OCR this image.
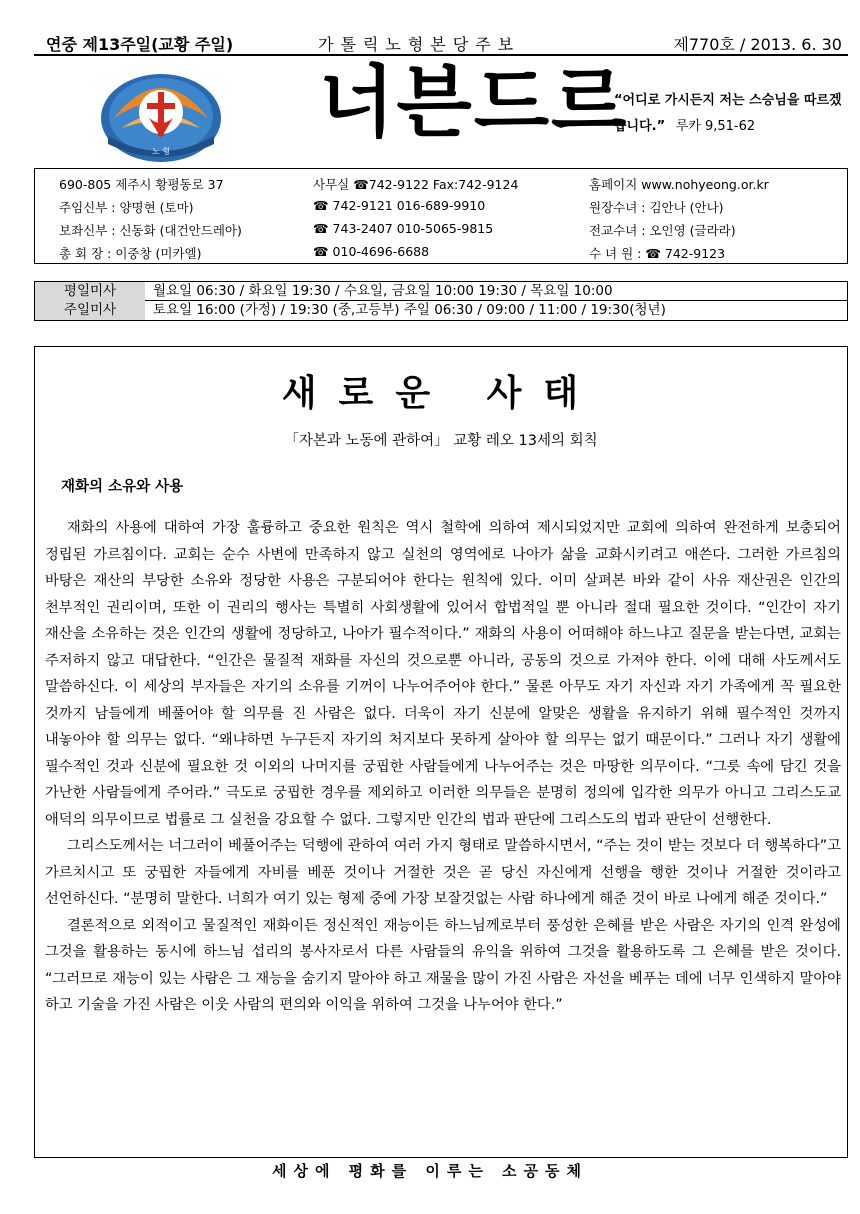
연중 제13주일(교황 주일)	가톨릭노형본당주보	제770호 / 2013. 6. 30
노 형
너븐드르
“어디로 가시든지 저는 스승님을 따르겠습니다.” 루카 9,51-62
690-805 제주시 황평동로 37	사무실 ☎742-9122 Fax:742-9124	홈페이지 www.nohyeong.or.kr
주임신부 : 양명현 (토마)	☎ 742-9121 016-689-9910	원장수녀 : 김안나 (안나)
보좌신부 : 신동화 (대건안드레아)	☎ 743-2407 010-5065-9815	전교수녀 : 오인영 (글라라)
총 회 장 : 이중창 (미카엘)	☎ 010-4696-6688	수 녀 원 : ☎ 742-9123
평일미사	월요일 06:30 / 화요일 19:30 / 수요일, 금요일 10:00 19:30 / 목요일 10:00
주일미사	토요일 16:00 (가정) / 19:30 (중,고등부) 주일 06:30 / 09:00 / 11:00 / 19:30(청년)
새로운 사태
「자본과 노동에 관하여」 교황 레오 13세의 회칙
재화의 소유와 사용

재화의 사용에 대하여 가장 훌륭하고 중요한 원칙은 역시 철학에 의하여 제시되었지만 교회에 의하여 완전하게 보충되어 정립된 가르침이다. 교회는 순수 사변에 만족하지 않고 실천의 영역에로 나아가 삶을 교화시키려고 애쓴다. 그러한 가르침의 바탕은 재산의 부당한 소유와 정당한 사용은 구분되어야 한다는 원칙에 있다. 이미 살펴본 바와 같이 사유 재산권은 인간의 천부적인 권리이며, 또한 이 권리의 행사는 특별히 사회생활에 있어서 합법적일 뿐 아니라 절대 필요한 것이다. “인간이 자기 재산을 소유하는 것은 인간의 생활에 정당하고, 나아가 필수적이다.” 재화의 사용이 어떠해야 하느냐고 질문을 받는다면, 교회는 주저하지 않고 대답한다. “인간은 물질적 재화를 자신의 것으로뿐 아니라, 공동의 것으로 가져야 한다. 이에 대해 사도께서도 말씀하신다. 이 세상의 부자들은 자기의 소유를 기꺼이 나누어주어야 한다.” 물론 아무도 자기 자신과 자기 가족에게 꼭 필요한 것까지 남들에게 베풀어야 할 의무를 진 사람은 없다. 더욱이 자기 신분에 알맞은 생활을 유지하기 위해 필수적인 것까지 내놓아야 할 의무는 없다. “왜냐하면 누구든지 자기의 처지보다 못하게 살아야 할 의무는 없기 때문이다.” 그러나 자기 생활에 필수적인 것과 신분에 필요한 것 이외의 나머지를 궁핍한 사람들에게 나누어주는 것은 마땅한 의무이다. “그릇 속에 담긴 것을 가난한 사람들에게 주어라.” 극도로 궁핍한 경우를 제외하고 이러한 의무들은 분명히 정의에 입각한 의무가 아니고 그리스도교 애덕의 의무이므로 법률로 그 실천을 강요할 수 없다. 그렇지만 인간의 법과 판단에 그리스도의 법과 판단이 선행한다.

그리스도께서는 너그러이 베풀어주는 덕행에 관하여 여러 가지 형태로 말씀하시면서, “주는 것이 받는 것보다 더 행복하다”고 가르치시고 또 궁핍한 자들에게 자비를 베푼 것이나 거절한 것은 곧 당신 자신에게 선행을 행한 것이나 거절한 것이라고 선언하신다. “분명히 말한다. 너희가 여기 있는 형제 중에 가장 보잘것없는 사람 하나에게 해준 것이 바로 나에게 해준 것이다.”

결론적으로 외적이고 물질적인 재화이든 정신적인 재능이든 하느님께로부터 풍성한 은혜를 받은 사람은 자기의 인격 완성에 그것을 활용하는 동시에 하느님 섭리의 봉사자로서 다른 사람들의 유익을 위하여 그것을 활용하도록 그 은혜를 받은 것이다. “그러므로 재능이 있는 사람은 그 재능을 숨기지 말아야 하고 재물을 많이 가진 사람은 자선을 베푸는 데에 너무 인색하지 말아야 하고 기술을 가진 사람은 이웃 사람의 편의와 이익을 위하여 그것을 나누어야 한다.”

세상에 평화를 이루는 소공동체
